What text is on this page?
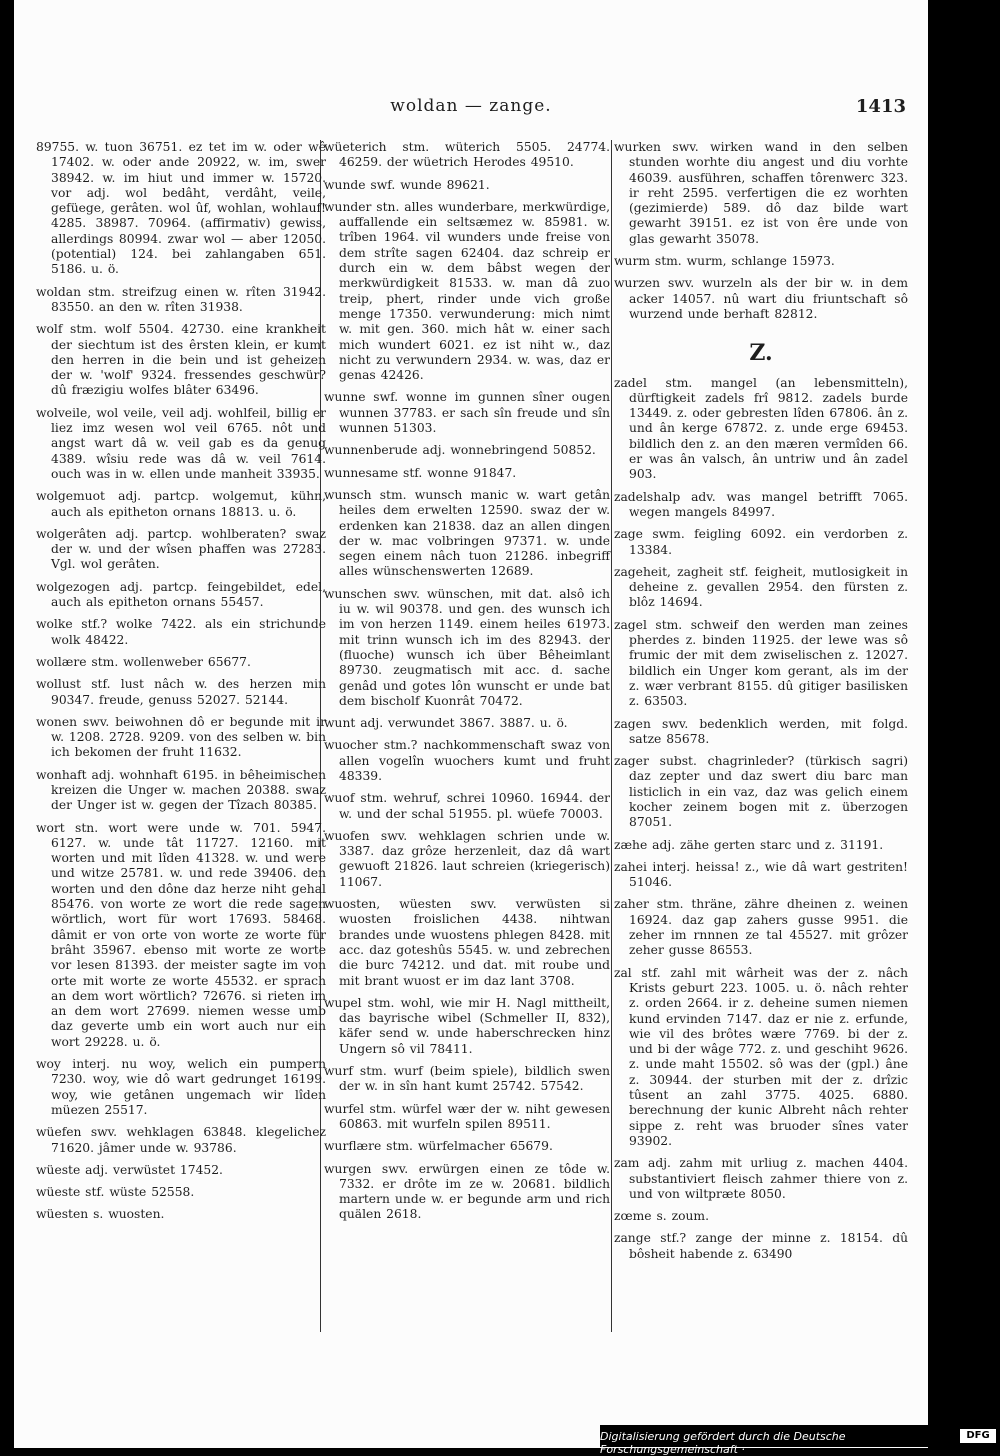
woldan — zange.	1413

89755. w. tuon 36751. ez tet im w. oder wê 17402. w. oder ande 20922, w. im, swer 38942. w. im hiut und immer w. 15720. vor adj. wol bedâht, verdâht, veile, gefüege, gerâten. wol ûf, wohlan, wohlauf! 4285. 38987. 70964. (affirmativ) gewiss, allerdings 80994. zwar wol — aber 12050. (potential) 124. bei zahlangaben 651. 5186. u. ö.

woldan stm. streifzug einen w. rîten 31942. 83550. an den w. rîten 31938.

wolf stm. wolf 5504. 42730. eine krankheit der siechtum ist des êrsten klein, er kumt den herren in die bein und ist geheizen der w. 'wolf' 9324. fressendes geschwür? dû fræzigiu wolfes blâter 63496.

wolveile, wol veile, veil adj. wohlfeil, billig er liez imz wesen wol veil 6765. nôt und angst wart dâ w. veil gab es da genug 4389. wîsiu rede was dâ w. veil 7614. ouch was in w. ellen unde manheit 33935.

wolgemuot adj. partcp. wolgemut, kühn, auch als epitheton ornans 18813. u. ö.

wolgerâten adj. partcp. wohlberaten? swaz der w. und der wîsen phaffen was 27283. Vgl. wol gerâten.

wolgezogen adj. partcp. feingebildet, edel, auch als epitheton ornans 55457.

wolke stf.? wolke 7422. als ein strichunde wolk 48422.

wollære stm. wollenweber 65677.

wollust stf. lust nâch w. des herzen min 90347. freude, genuss 52027. 52144.

wonen swv. beiwohnen dô er begunde mit ir w. 1208. 2728. 9209. von des selben w. bin ich bekomen der fruht 11632.

wonhaft adj. wohnhaft 6195. in bêheimischen kreizen die Unger w. machen 20388. swaz der Unger ist w. gegen der Tîzach 80385.

wort stn. wort were unde w. 701. 5947. 6127. w. unde tât 11727. 12160. mit worten und mit lîden 41328. w. und were und witze 25781. w. und rede 39406. den worten und den dône daz herze niht gehal 85476. von worte ze wort die rede sagen wörtlich, wort für wort 17693. 58468. dâmit er von orte von worte ze worte für brâht 35967. ebenso mit worte ze worte vor lesen 81393. der meister sagte im von orte mit worte ze worte 45532. er sprach an dem wort wörtlich? 72676. si rieten im an dem wort 27699. niemen wesse umb daz geverte umb ein wort auch nur ein wort 29228. u. ö.

woy interj. nu woy, welich ein pumpern 7230. woy, wie dô wart gedrunget 16199. woy, wie getânen ungemach wir lîden müezen 25517.

wüefen swv. wehklagen 63848. klegelichez 71620. jâmer unde w. 93786.

wüeste adj. verwüstet 17452.

wüeste stf. wüste 52558.

wüesten s. wuosten.

wüeterich stm. wüterich 5505. 24774. 46259. der wüetrich Herodes 49510.

wunde swf. wunde 89621.

wunder stn. alles wunderbare, merkwürdige, auffallende ein seltsæmez w. 85981. w. trîben 1964. vil wunders unde freise von dem strîte sagen 62404. daz schreip er durch ein w. dem bâbst wegen der merkwürdigkeit 81533. w. man dâ zuo treip, phert, rinder unde vich große menge 17350. verwunderung: mich nimt w. mit gen. 360. mich hât w. einer sach mich wundert 6021. ez ist niht w., daz nicht zu verwundern 2934. w. was, daz er genas 42426.

wunne swf. wonne im gunnen sîner ougen wunnen 37783. er sach sîn freude und sîn wunnen 51303.

wunnenberude adj. wonnebringend 50852.

wunnesame stf. wonne 91847.

wunsch stm. wunsch manic w. wart getân heiles dem erwelten 12590. swaz der w. erdenken kan 21838. daz an allen dingen der w. mac volbringen 97371. w. unde segen einem nâch tuon 21286. inbegriff alles wünschenswerten 12689.

wunschen swv. wünschen, mit dat. alsô ich iu w. wil 90378. und gen. des wunsch ich im von herzen 1149. einem heiles 61973. mit trinn wunsch ich im des 82943. der (fluoche) wunsch ich über Bêheimlant 89730. zeugmatisch mit acc. d. sache genâd und gotes lôn wunscht er unde bat dem bischolf Kuonrât 70472.

wunt adj. verwundet 3867. 3887. u. ö.

wuocher stm.? nachkommenschaft swaz von allen vogelîn wuochers kumt und fruht 48339.

wuof stm. wehruf, schrei 10960. 16944. der w. und der schal 51955. pl. wüefe 70003.

wuofen swv. wehklagen schrien unde w. 3387. daz grôze herzenleit, daz dâ wart gewuoft 21826. laut schreien (kriegerisch) 11067.

wuosten, wüesten swv. verwüsten si wuosten froislichen 4438. nihtwan brandes unde wuostens phlegen 8428. mit acc. daz goteshûs 5545. w. und zebrechen die burc 74212. und dat. mit roube und mit brant wuost er im daz lant 3708.

wupel stm. wohl, wie mir H. Nagl mittheilt, das bayrische wibel (Schmeller II, 832), käfer send w. unde haberschrecken hinz Ungern sô vil 78411.

wurf stm. wurf (beim spiele), bildlich swen der w. in sîn hant kumt 25742. 57542.

wurfel stm. würfel wær der w. niht gewesen 60863. mit wurfeln spilen 89511.

wurflære stm. würfelmacher 65679.

wurgen swv. erwürgen einen ze tôde w. 7332. er drôte im ze w. 20681. bildlich martern unde w. er begunde arm und rich quälen 2618.

wurken swv. wirken wand in den selben stunden worhte diu angest und diu vorhte 46039. ausführen, schaffen tôrenwerc 323. ir reht 2595. verfertigen die ez worhten (gezimierde) 589. dô daz bilde wart gewarht 39151. ez ist von êre unde von glas gewarht 35078.

wurm stm. wurm, schlange 15973.

wurzen swv. wurzeln als der bir w. in dem acker 14057. nû wart diu friuntschaft sô wurzend unde berhaft 82812.

Z.

zadel stm. mangel (an lebensmitteln), dürftigkeit zadels frî 9812. zadels burde 13449. z. oder gebresten lîden 67806. ân z. und ân kerge 67872. z. unde erge 69453. bildlich den z. an den mæren vermîden 66. er was ân valsch, ân untriw und ân zadel 903.

zadelshalp adv. was mangel betrifft 7065. wegen mangels 84997.

zage swm. feigling 6092. ein verdorben z. 13384.

zageheit, zagheit stf. feigheit, mutlosigkeit in deheine z. gevallen 2954. den fürsten z. blôz 14694.

zagel stm. schweif den werden man zeines pherdes z. binden 11925. der lewe was sô frumic der mit dem zwiselischen z. 12027. bildlich ein Unger kom gerant, als im der z. wær verbrant 8155. dû gitiger basilisken z. 63503.

zagen swv. bedenklich werden, mit folgd. satze 85678.

zager subst. chagrinleder? (türkisch sagri) daz zepter und daz swert diu barc man listiclich in ein vaz, daz was gelich einem kocher zeinem bogen mit z. überzogen 87051.

zæhe adj. zähe gerten starc und z. 31191.

zahei interj. heissa! z., wie dâ wart gestriten! 51046.

zaher stm. thräne, zähre dheinen z. weinen 16924. daz gap zahers gusse 9951. die zeher im rnnnen ze tal 45527. mit grôzer zeher gusse 86553.

zal stf. zahl mit wârheit was der z. nâch Krists geburt 223. 1005. u. ö. nâch rehter z. orden 2664. ir z. deheine sumen niemen kund ervinden 7147. daz er nie z. erfunde, wie vil des brôtes wære 7769. bi der z. und bi der wâge 772. z. und geschiht 9626. z. unde maht 15502. sô was der (gpl.) âne z. 30944. der sturben mit der z. drîzic tûsent an zahl 3775. 4025. 6880. berechnung der kunic Albreht nâch rehter sippe z. reht was bruoder sînes vater 93902.

zam adj. zahm mit urliug z. machen 4404. substantiviert fleisch zahmer thiere von z. und von wiltpræte 8050.

zœme s. zoum.

zange stf.? zange der minne z. 18154. dû bôsheit habende z. 63490

Digitalisierung gefördert durch die Deutsche Forschungsgemeinschaft ·
DFG
